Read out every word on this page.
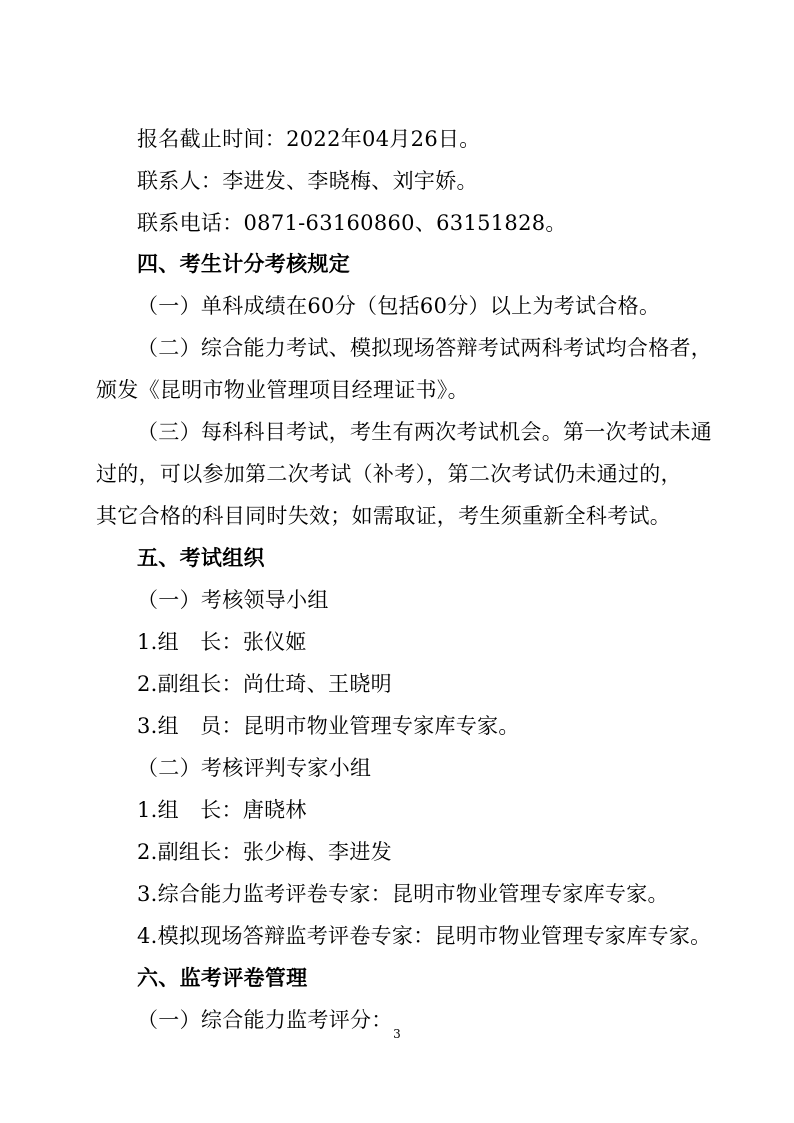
报名截止时间：2022年04月26日。
联系人：李进发、李晓梅、刘宇娇。
联系电话：0871-63160860、63151828。
四、考生计分考核规定
（一）单科成绩在60分（包括60分）以上为考试合格。
（二）综合能力考试、模拟现场答辩考试两科考试均合格者，
颁发《昆明市物业管理项目经理证书》。
（三）每科科目考试，考生有两次考试机会。第一次考试未通
过的，可以参加第二次考试（补考），第二次考试仍未通过的，
其它合格的科目同时失效；如需取证，考生须重新全科考试。
五、考试组织
（一）考核领导小组
1.组　长：张仪姬
2.副组长：尚仕琦、王晓明
3.组　员：昆明市物业管理专家库专家。
（二）考核评判专家小组
1.组　长：唐晓林
2.副组长：张少梅、李进发
3.综合能力监考评卷专家：昆明市物业管理专家库专家。
4.模拟现场答辩监考评卷专家：昆明市物业管理专家库专家。
六、监考评卷管理
（一）综合能力监考评分：
3
